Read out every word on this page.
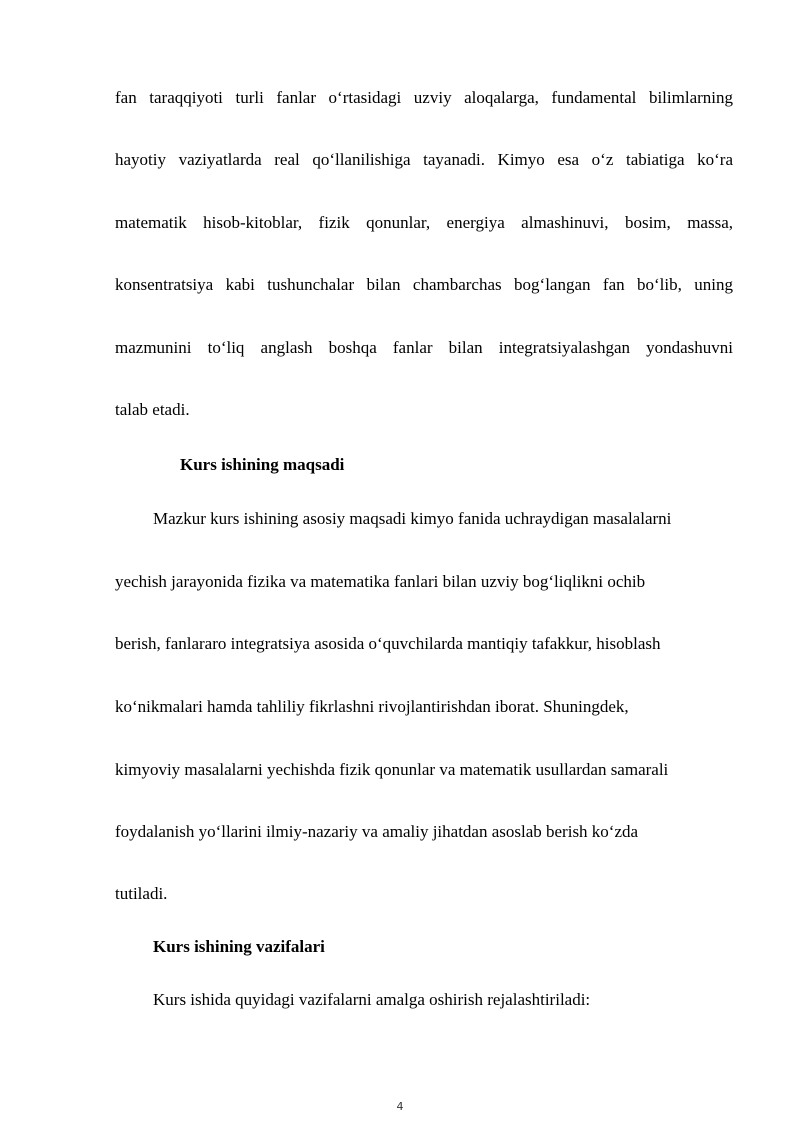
fan taraqqiyoti turli fanlar o‘rtasidagi uzviy aloqalarga, fundamental bilimlarning
hayotiy vaziyatlarda real qo‘llanilishiga tayanadi. Kimyo esa o‘z tabiatiga ko‘ra
matematik hisob-kitoblar, fizik qonunlar, energiya almashinuvi, bosim, massa,
konsentratsiya kabi tushunchalar bilan chambarchas bog‘langan fan bo‘lib, uning
mazmunini to‘liq anglash boshqa fanlar bilan integratsiyalashgan yondashuvni
talab etadi.
Kurs ishining maqsadi
Mazkur kurs ishining asosiy maqsadi kimyo fanida uchraydigan masalalarni
yechish jarayonida fizika va matematika fanlari bilan uzviy bog‘liqlikni ochib
berish, fanlararo integratsiya asosida o‘quvchilarda mantiqiy tafakkur, hisoblash
ko‘nikmalari hamda tahliliy fikrlashni rivojlantirishdan iborat. Shuningdek,
kimyoviy masalalarni yechishda fizik qonunlar va matematik usullardan samarali
foydalanish yo‘llarini ilmiy-nazariy va amaliy jihatdan asoslab berish ko‘zda
tutiladi.
Kurs ishining vazifalari
Kurs ishida quyidagi vazifalarni amalga oshirish rejalashtiriladi:
4
